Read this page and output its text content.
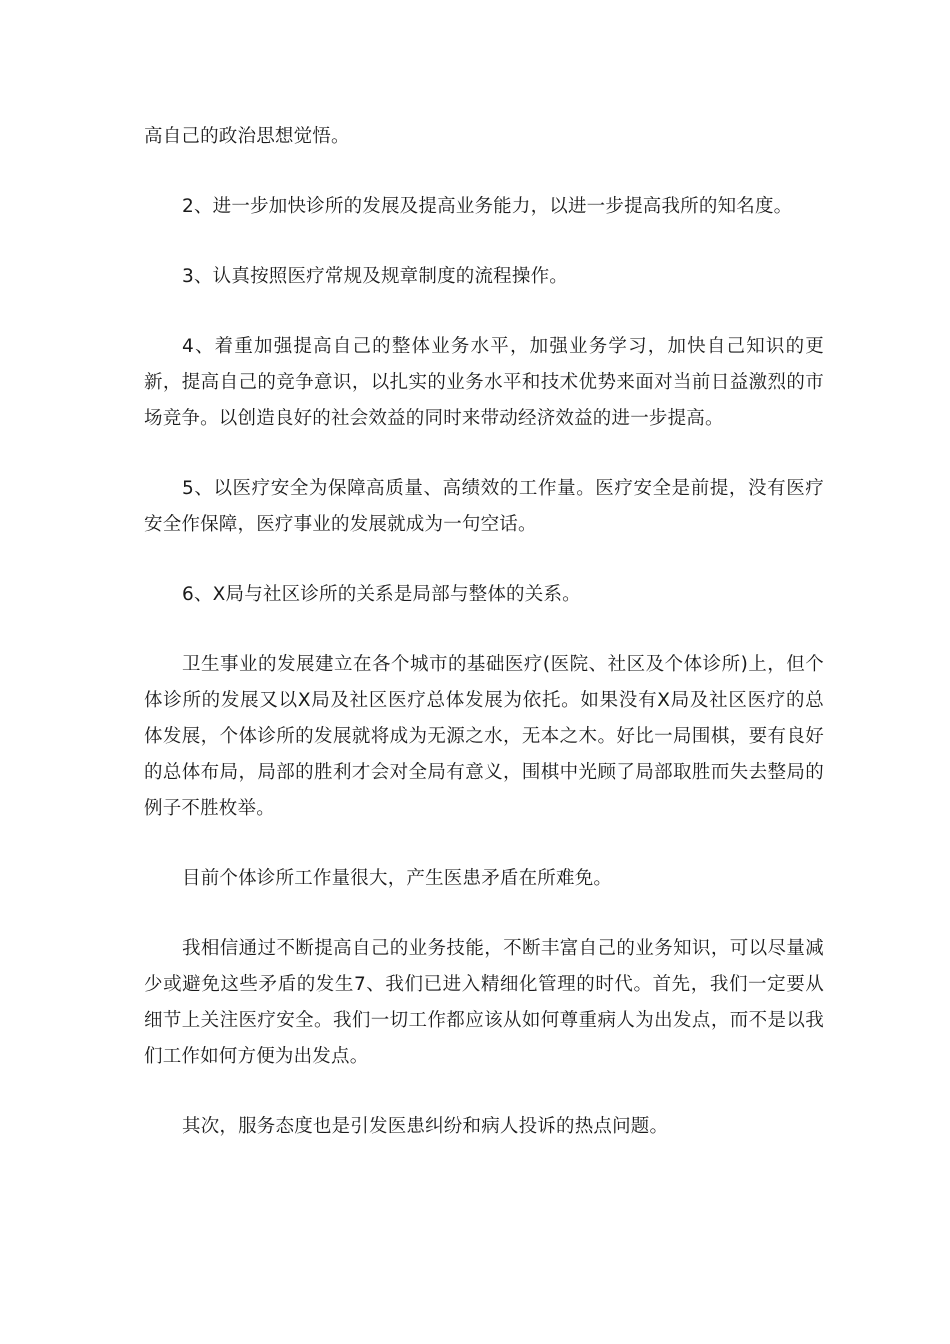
高自己的政治思想觉悟。

2、进一步加快诊所的发展及提高业务能力，以进一步提高我所的知名度。

3、认真按照医疗常规及规章制度的流程操作。

4、着重加强提高自己的整体业务水平，加强业务学习，加快自己知识的更新，提高自己的竞争意识，以扎实的业务水平和技术优势来面对当前日益激烈的市场竞争。以创造良好的社会效益的同时来带动经济效益的进一步提高。

5、以医疗安全为保障高质量、高绩效的工作量。医疗安全是前提，没有医疗安全作保障，医疗事业的发展就成为一句空话。

6、X局与社区诊所的关系是局部与整体的关系。

卫生事业的发展建立在各个城市的基础医疗(医院、社区及个体诊所)上，但个体诊所的发展又以X局及社区医疗总体发展为依托。如果没有X局及社区医疗的总体发展，个体诊所的发展就将成为无源之水，无本之木。好比一局围棋，要有良好的总体布局，局部的胜利才会对全局有意义，围棋中光顾了局部取胜而失去整局的例子不胜枚举。

目前个体诊所工作量很大，产生医患矛盾在所难免。

我相信通过不断提高自己的业务技能，不断丰富自己的业务知识，可以尽量减少或避免这些矛盾的发生7、我们已进入精细化管理的时代。首先，我们一定要从细节上关注医疗安全。我们一切工作都应该从如何尊重病人为出发点，而不是以我们工作如何方便为出发点。

其次，服务态度也是引发医患纠纷和病人投诉的热点问题。
